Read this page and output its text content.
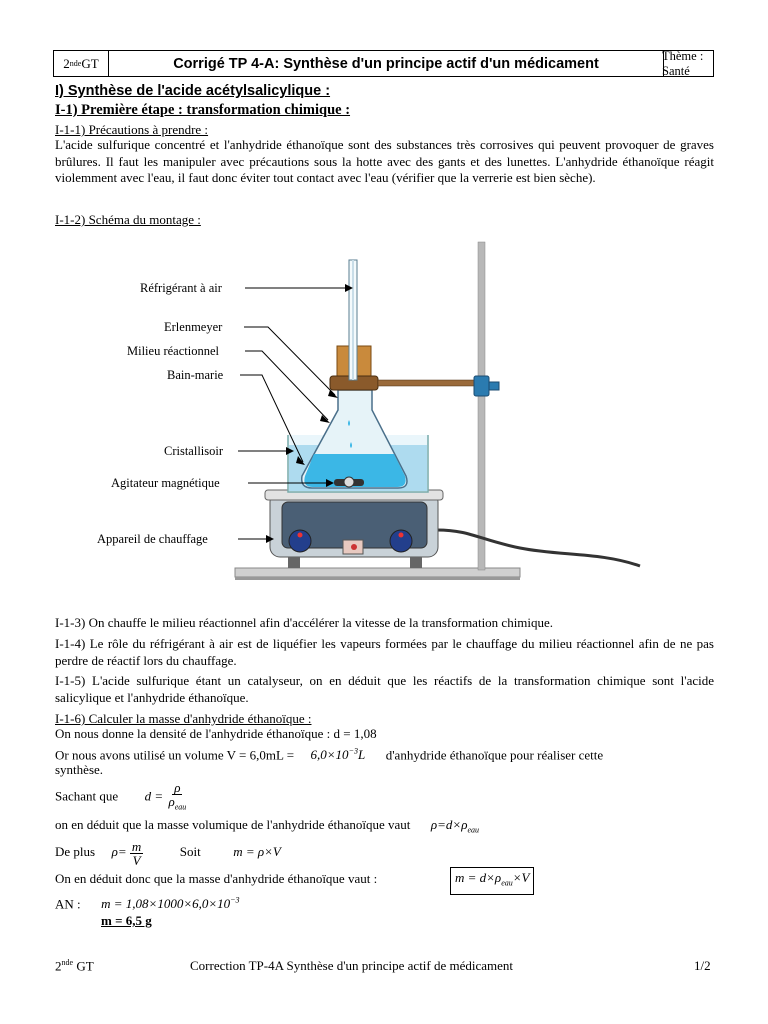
2 nde GT	Corrigé TP 4-A: Synthèse d'un principe actif d'un médicament	Thème : Santé
I) Synthèse de l'acide acétylsalicylique :
I-1) Première étape : transformation chimique :
I-1-1) Précautions à prendre :
L'acide sulfurique concentré et l'anhydride éthanoïque sont des substances très corrosives qui peuvent provoquer de graves brûlures. Il faut les manipuler avec précautions sous la hotte avec des gants et des lunettes. L'anhydride éthanoïque réagit violemment avec l'eau, il faut donc éviter tout contact avec l'eau (vérifier que la verrerie est bien sèche).
I-1-2) Schéma du montage :
Réfrigérant à air
Erlenmeyer
Milieu réactionnel
Bain-marie
Cristallisoir
Agitateur magnétique
Appareil de chauffage
I-1-3) On chauffe le milieu réactionnel afin d'accélérer la vitesse de la transformation chimique.
I-1-4) Le rôle du réfrigérant à air est de liquéfier les vapeurs formées par le chauffage du milieu réactionnel afin de ne pas perdre de réactif lors du chauffage.
I-1-5) L'acide sulfurique étant un catalyseur, on en déduit que les réactifs de la transformation chimique sont l'acide salicylique et l'anhydride éthanoïque.
I-1-6) Calculer la masse d'anhydride éthanoïque :
On nous donne la densité de l'anhydride éthanoïque : d = 1,08
Or nous avons utilisé un volume $V = 6,0mL = 6,0\times 10^{-3}L$ d'anhydride éthanoïque pour réaliser cette
synthèse.
Sachant que $d = \frac{\rho}{\rho_{eau}}$
on en déduit que la masse volumique de l'anhydride éthanoïque vaut $\rho=d\times\rho_{eau}$
De plus $\rho= \frac{m}{V}$	Soit	m = ρ×V
On en déduit donc que la masse d'anhydride éthanoïque vaut :	$m = d\times\rho_{eau}\times V$
AN : $m = 1,08\times 1000\times 6,0\times 10^{-3}$
m = 6,5 g
2nde GT	Correction TP-4A Synthèse d'un principe actif de médicament	1/2
